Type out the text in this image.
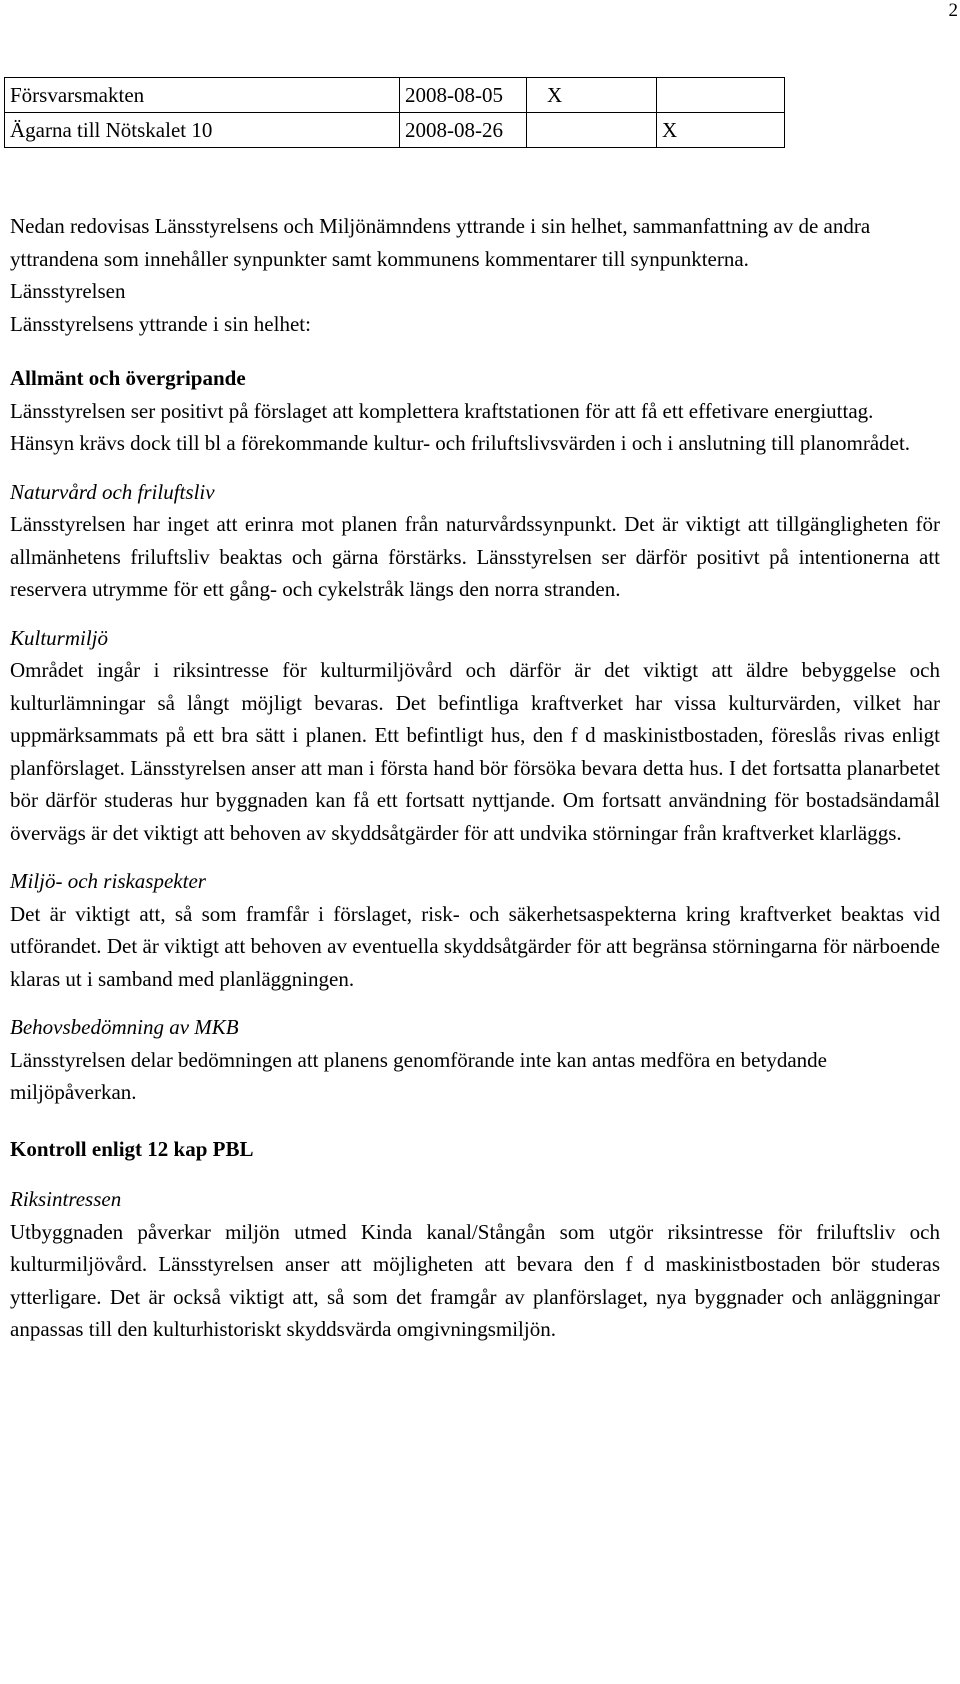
2
Försvarsmakten	2008-08-05	X	
Ägarna till Nötskalet 10	2008-08-26		X

Nedan redovisas Länsstyrelsens och Miljönämndens yttrande i sin helhet, sammanfattning av de andra yttrandena som innehåller synpunkter samt kommunens kommentarer till synpunkterna.

Länsstyrelsen

Länsstyrelsens yttrande i sin helhet:

Allmänt och övergripande

Länsstyrelsen ser positivt på förslaget att komplettera kraftstationen för att få ett effetivare energiuttag. Hänsyn krävs dock till bl a förekommande kultur- och friluftslivsvärden i och i anslutning till planområdet.

Naturvård och friluftsliv

Länsstyrelsen har inget att erinra mot planen från naturvårdssynpunkt. Det är viktigt att tillgängligheten för allmänhetens friluftsliv beaktas och gärna förstärks. Länsstyrelsen ser därför positivt på intentionerna att reservera utrymme för ett gång- och cykelstråk längs den norra stranden.

Kulturmiljö

Området ingår i riksintresse för kulturmiljövård och därför är det viktigt att äldre bebyggelse och kulturlämningar så långt möjligt bevaras. Det befintliga kraftverket har vissa kulturvärden, vilket har uppmärksammats på ett bra sätt i planen. Ett befintligt hus, den f d maskinistbostaden, föreslås rivas enligt planförslaget. Länsstyrelsen anser att man i första hand bör försöka bevara detta hus. I det fortsatta planarbetet bör därför studeras hur byggnaden kan få ett fortsatt nyttjande. Om fortsatt användning för bostadsändamål övervägs är det viktigt att behoven av skyddsåtgärder för att undvika störningar från kraftverket klarläggs.

Miljö- och riskaspekter

Det är viktigt att, så som framfår i förslaget, risk- och säkerhetsaspekterna kring kraftverket beaktas vid utförandet. Det är viktigt att behoven av eventuella skyddsåtgärder för att begränsa störningarna för närboende klaras ut i samband med planläggningen.

Behovsbedömning av MKB

Länsstyrelsen delar bedömningen att planens genomförande inte kan antas medföra en betydande miljöpåverkan.

Kontroll enligt 12 kap PBL

Riksintressen

Utbyggnaden påverkar miljön utmed Kinda kanal/Stångån som utgör riksintresse för friluftsliv och kulturmiljövård. Länsstyrelsen anser att möjligheten att bevara den f d maskinistbostaden bör studeras ytterligare. Det är också viktigt att, så som det framgår av planförslaget, nya byggnader och anläggningar anpassas till den kulturhistoriskt skyddsvärda omgivningsmiljön.
